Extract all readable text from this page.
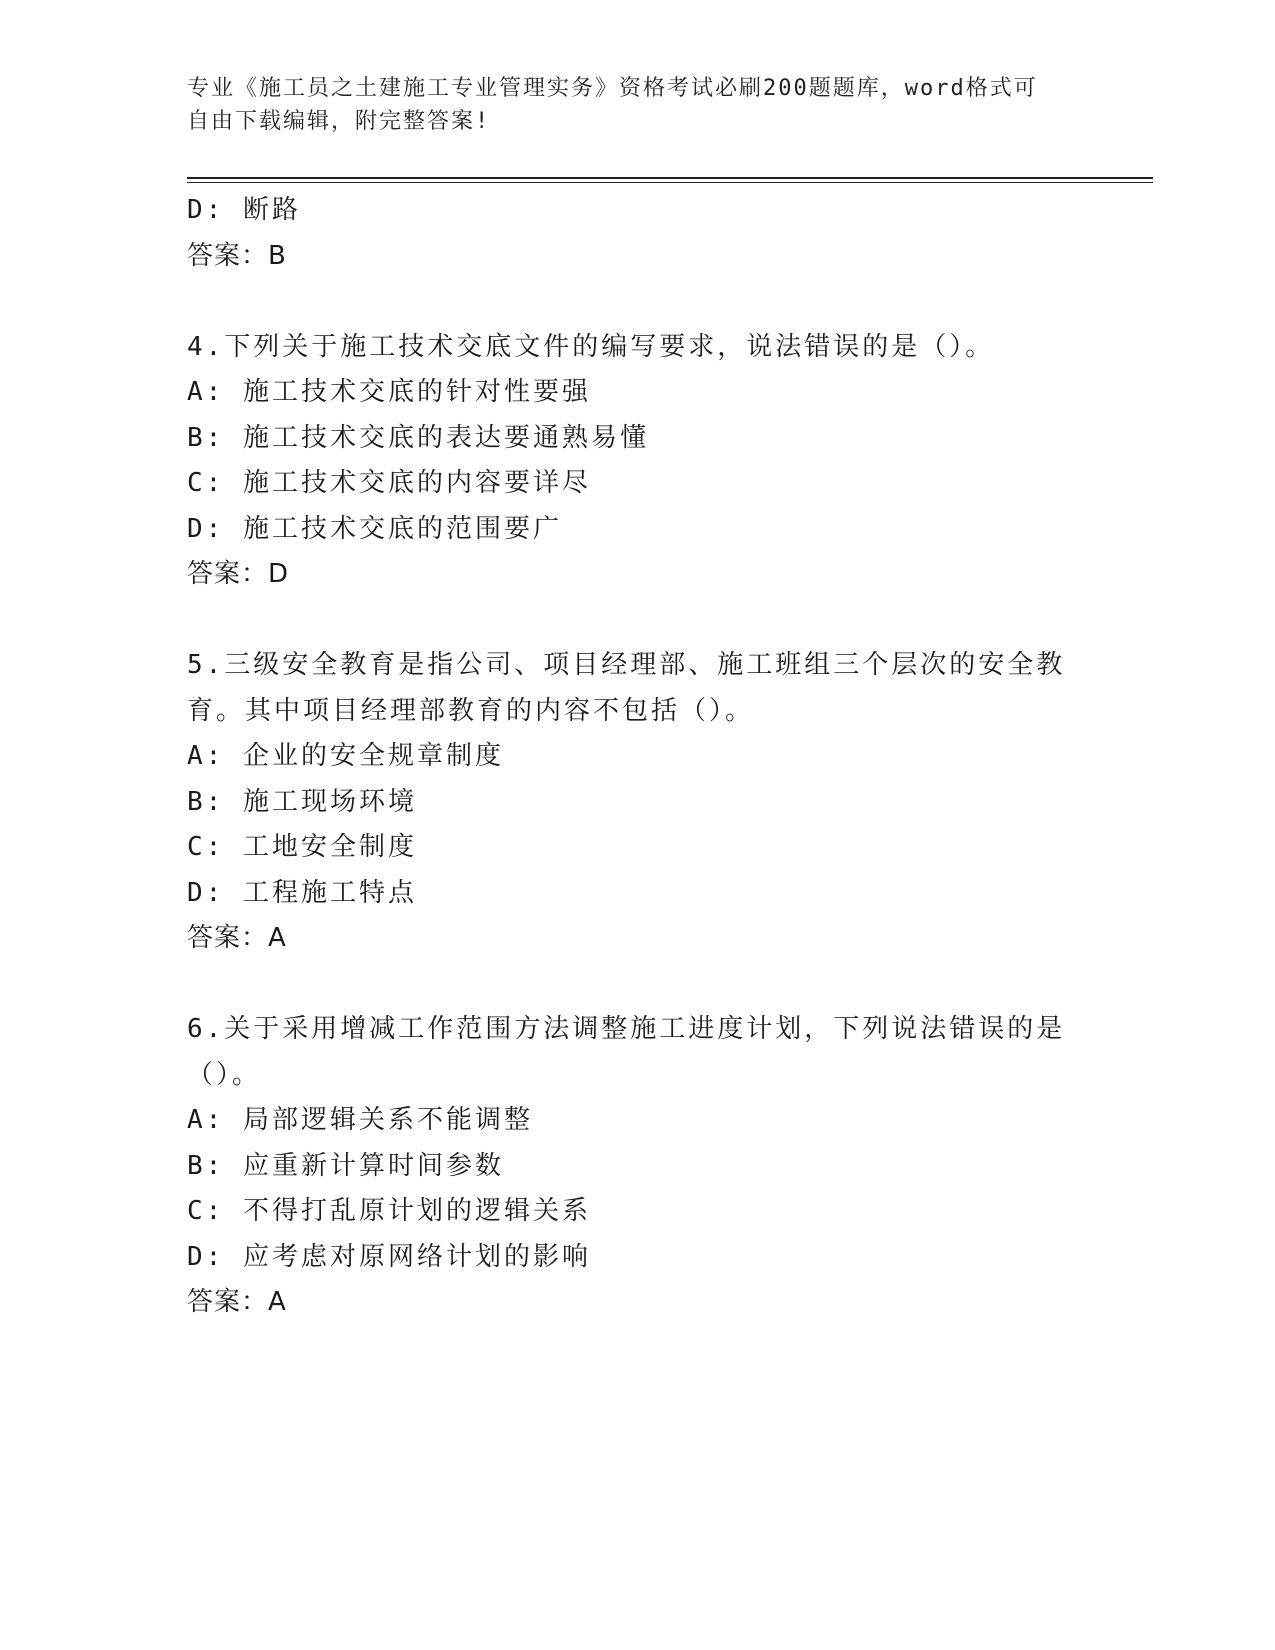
专业《施工员之土建施工专业管理实务》资格考试必刷200题题库，word格式可
自由下载编辑，附完整答案!
D: 断路
答案：B
4.下列关于施工技术交底文件的编写要求，说法错误的是（）。
A: 施工技术交底的针对性要强
B: 施工技术交底的表达要通熟易懂
C: 施工技术交底的内容要详尽
D: 施工技术交底的范围要广
答案：D
5.三级安全教育是指公司、项目经理部、施工班组三个层次的安全教
育。其中项目经理部教育的内容不包括（）。
A: 企业的安全规章制度
B: 施工现场环境
C: 工地安全制度
D: 工程施工特点
答案：A
6.关于采用增减工作范围方法调整施工进度计划，下列说法错误的是
（）。
A: 局部逻辑关系不能调整
B: 应重新计算时间参数
C: 不得打乱原计划的逻辑关系
D: 应考虑对原网络计划的影响
答案：A
